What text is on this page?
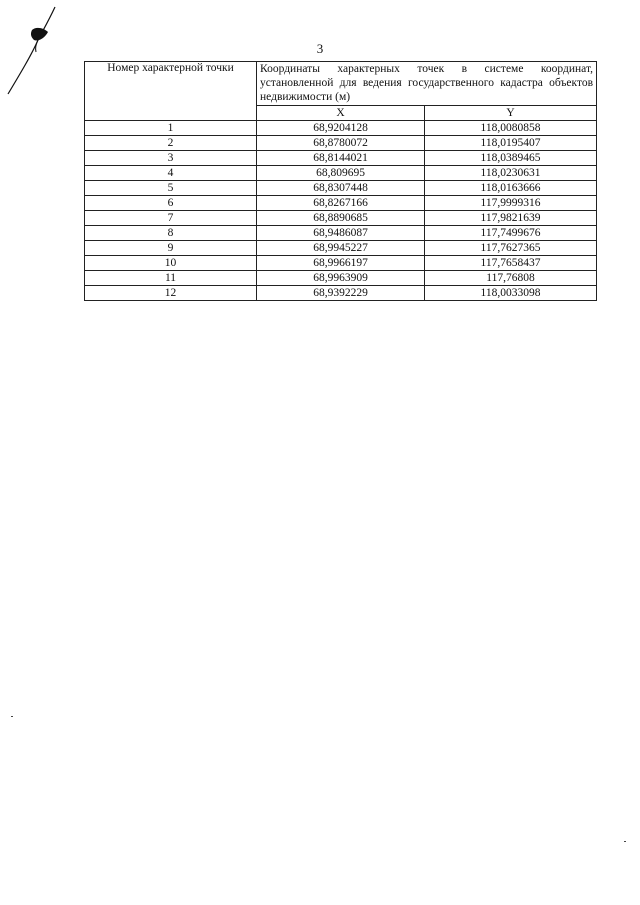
3
Номер характерной точки	Координаты характерных точек в системе координат, установленной для ведения государственного кадастра объектов недвижимости (м)	
	X	Y
1	68,9204128	118,0080858
2	68,8780072	118,0195407
3	68,8144021	118,0389465
4	68,809695	118,0230631
5	68,8307448	118,0163666
6	68,8267166	117,9999316
7	68,8890685	117,9821639
8	68,9486087	117,7499676
9	68,9945227	117,7627365
10	68,9966197	117,7658437
11	68,9963909	117,76808
12	68,9392229	118,0033098
